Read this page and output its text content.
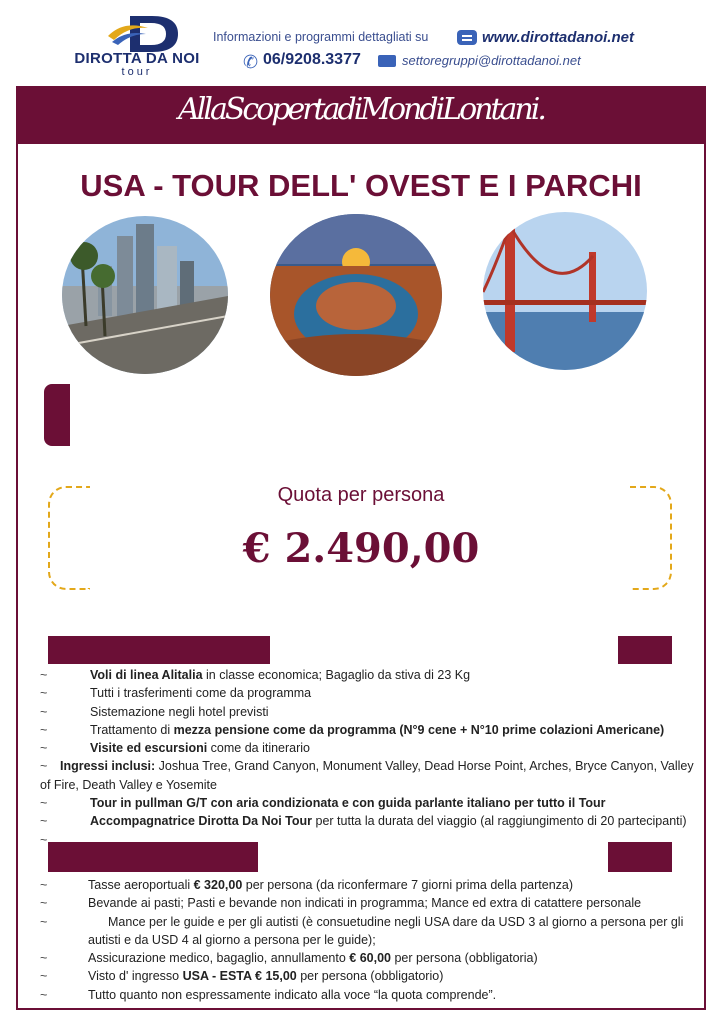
DIROTTA DA NOI
tour
Informazioni e programmi dettagliati su	www.dirottadanoi.net
✆ 06/9208.3377	settoregruppi@dirottadanoi.net
AllaScopertadiMondiLontani.
USA - TOUR DELL' OVEST E I PARCHI
Quota per persona
€ 2.490,00
~	Voli di linea Alitalia in classe economica; Bagaglio da stiva di 23 Kg
~	Tutti i trasferimenti come da programma
~	Sistemazione negli hotel previsti
~	Trattamento di mezza pensione come da programma (N°9 cene + N°10 prime colazioni Americane)
~	Visite ed escursioni come da itinerario
~	Ingressi inclusi: Joshua Tree, Grand Canyon, Monument Valley, Dead Horse Point, Arches, Bryce Canyon, Valley of Fire, Death Valley e Yosemite
~	Tour in pullman G/T con aria condizionata e con guida parlante italiano per tutto il Tour
~	Accompagnatrice Dirotta Da Noi Tour per tutta la durata del viaggio (al raggiungimento di 20 partecipanti)
~

~	Tasse aeroportuali € 320,00 per persona (da riconfermare 7 giorni prima della partenza)
~	Bevande ai pasti; Pasti e bevande non indicati in programma; Mance ed extra di catattere personale
~	Mance per le guide e per gli autisti (è consuetudine negli USA dare da USD 3 al giorno a persona per gli autisti e da USD 4 al giorno a persona per le guide);
~	Assicurazione medico, bagaglio, annullamento € 60,00 per persona (obbligatoria)
~	Visto d' ingresso USA - ESTA € 15,00 per persona (obbligatorio)
~	Tutto quanto non espressamente indicato alla voce “la quota comprende”.
